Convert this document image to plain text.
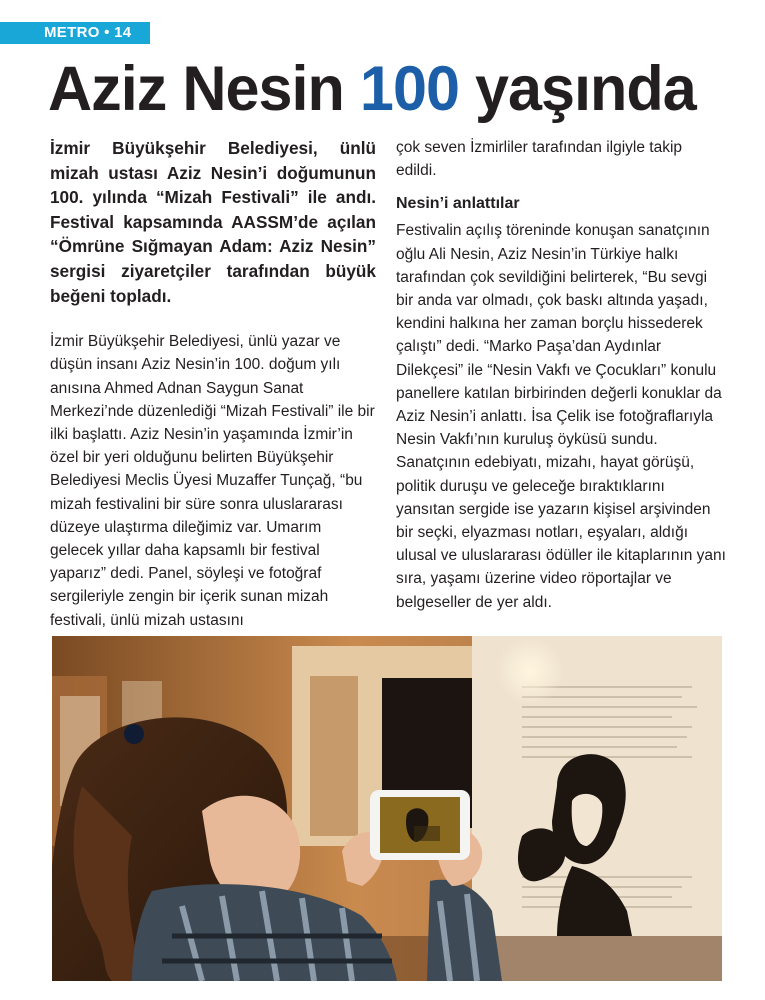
METRO • 14
Aziz Nesin 100 yaşında

İzmir Büyükşehir Belediyesi, ünlü mizah ustası Aziz Nesin’i doğumunun 100. yılında “Mizah Festivali” ile andı. Festival kapsamında AASSM’de açılan “Ömrüne Sığmayan Adam: Aziz Nesin” sergisi ziyaretçiler tarafından büyük beğeni topladı.

İzmir Büyükşehir Belediyesi, ünlü yazar ve düşün insanı Aziz Nesin’in 100. doğum yılı anısına Ahmed Adnan Saygun Sanat Merkezi’nde düzenlediği “Mizah Festivali” ile bir ilki başlattı. Aziz Nesin’in yaşamında İzmir’in özel bir yeri olduğunu belirten Büyükşehir Belediyesi Meclis Üyesi Muzaffer Tunçağ, “bu mizah festivalini bir süre sonra uluslararası düzeye ulaştırma dileğimiz var. Umarım gelecek yıllar daha kapsamlı bir festival yaparız” dedi. Panel, söyleşi ve fotoğraf sergileriyle zengin bir içerik sunan mizah festivali, ünlü mizah ustasını

çok seven İzmirliler tarafından ilgiyle takip edildi.

Nesin’i anlattılar

Festivalin açılış töreninde konuşan sanatçının oğlu Ali Nesin, Aziz Nesin’in Türkiye halkı tarafından çok sevildiğini belirterek, “Bu sevgi bir anda var olmadı, çok baskı altında yaşadı, kendini halkına her zaman borçlu hissederek çalıştı” dedi. “Marko Paşa’dan Aydınlar Dilekçesi” ile “Nesin Vakfı ve Çocukları” konulu panellere katılan birbirinden değerli konuklar da Aziz Nesin’i anlattı. İsa Çelik ise fotoğraflarıyla Nesin Vakfı’nın kuruluş öyküsü sundu. Sanatçının edebiyatı, mizahı, hayat görüşü, politik duruşu ve geleceğe bıraktıklarını yansıtan sergide ise yazarın kişisel arşivinden bir seçki, elyazması notları, eşyaları, aldığı ulusal ve uluslararası ödüller ile kitaplarının yanı sıra, yaşamı üzerine video röportajlar ve belgeseller de yer aldı.
